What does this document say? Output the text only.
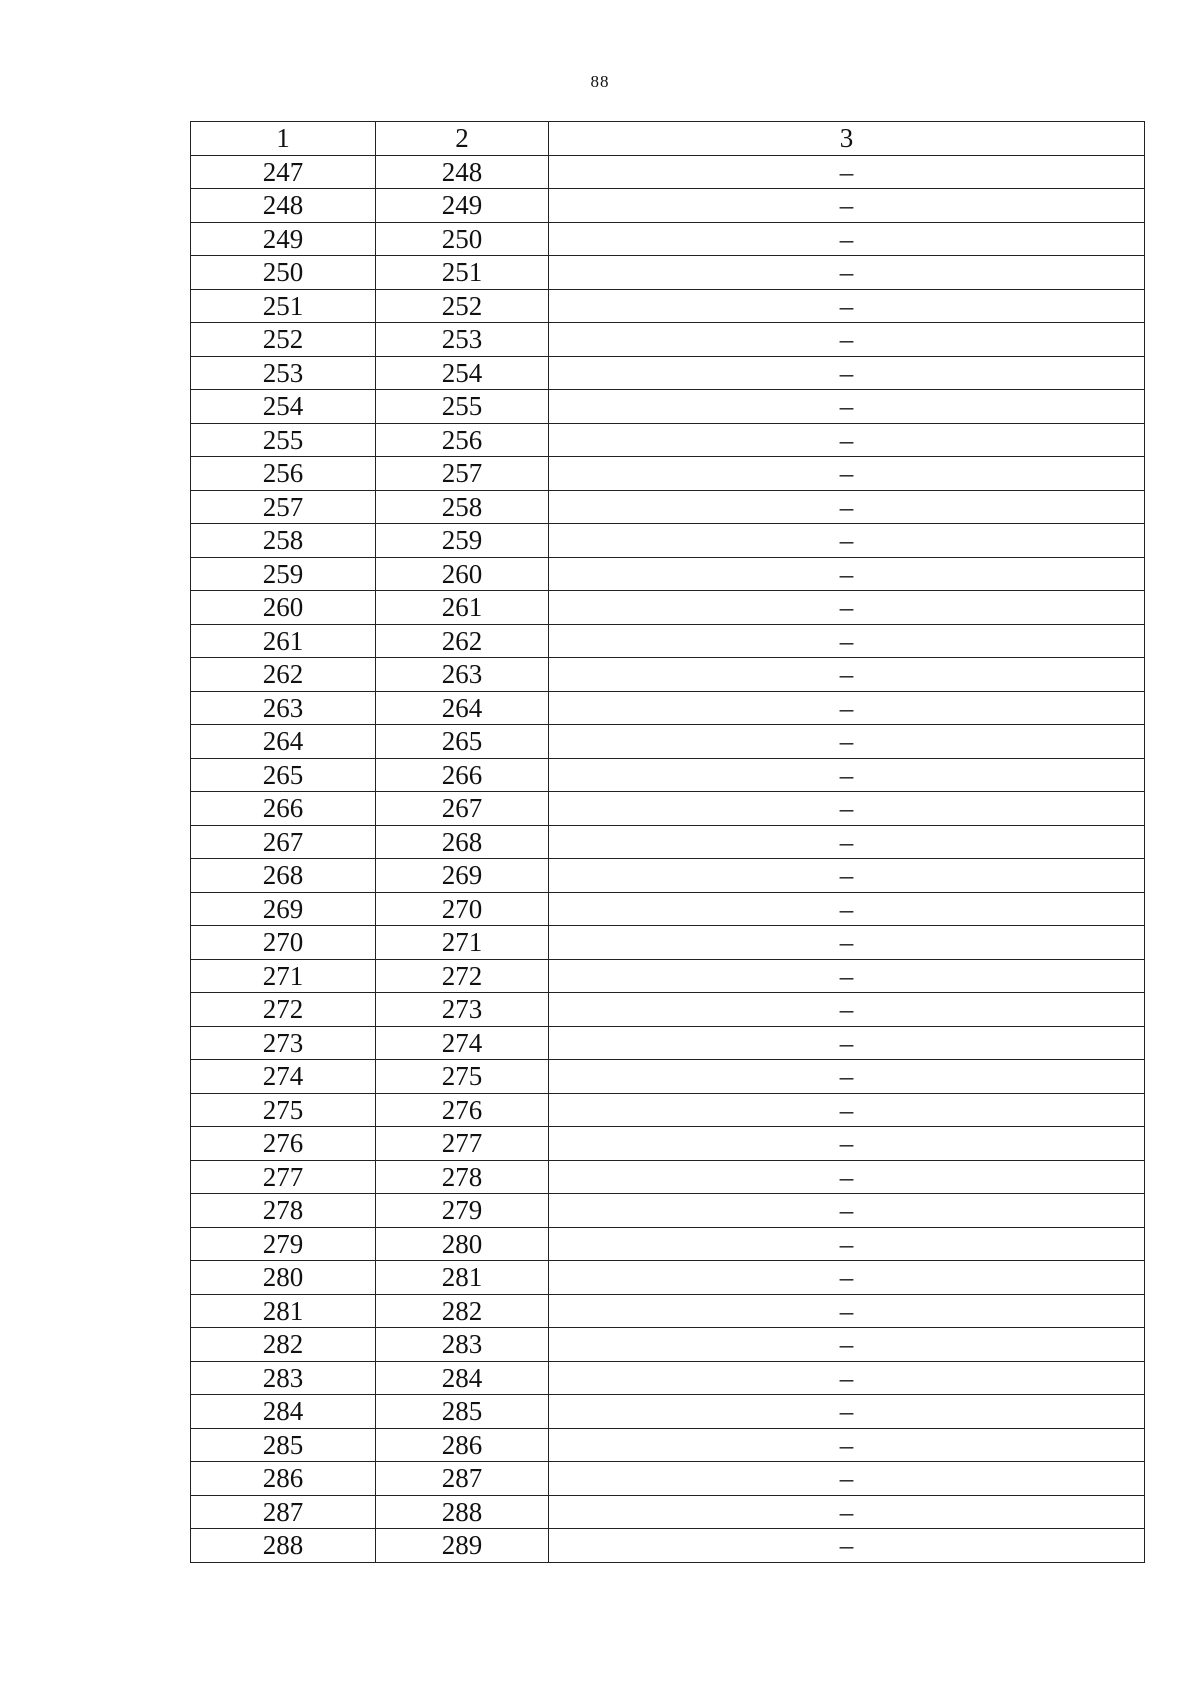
88
1	2	3
247	248	–
248	249	–
249	250	–
250	251	–
251	252	–
252	253	–
253	254	–
254	255	–
255	256	–
256	257	–
257	258	–
258	259	–
259	260	–
260	261	–
261	262	–
262	263	–
263	264	–
264	265	–
265	266	–
266	267	–
267	268	–
268	269	–
269	270	–
270	271	–
271	272	–
272	273	–
273	274	–
274	275	–
275	276	–
276	277	–
277	278	–
278	279	–
279	280	–
280	281	–
281	282	–
282	283	–
283	284	–
284	285	–
285	286	–
286	287	–
287	288	–
288	289	–
